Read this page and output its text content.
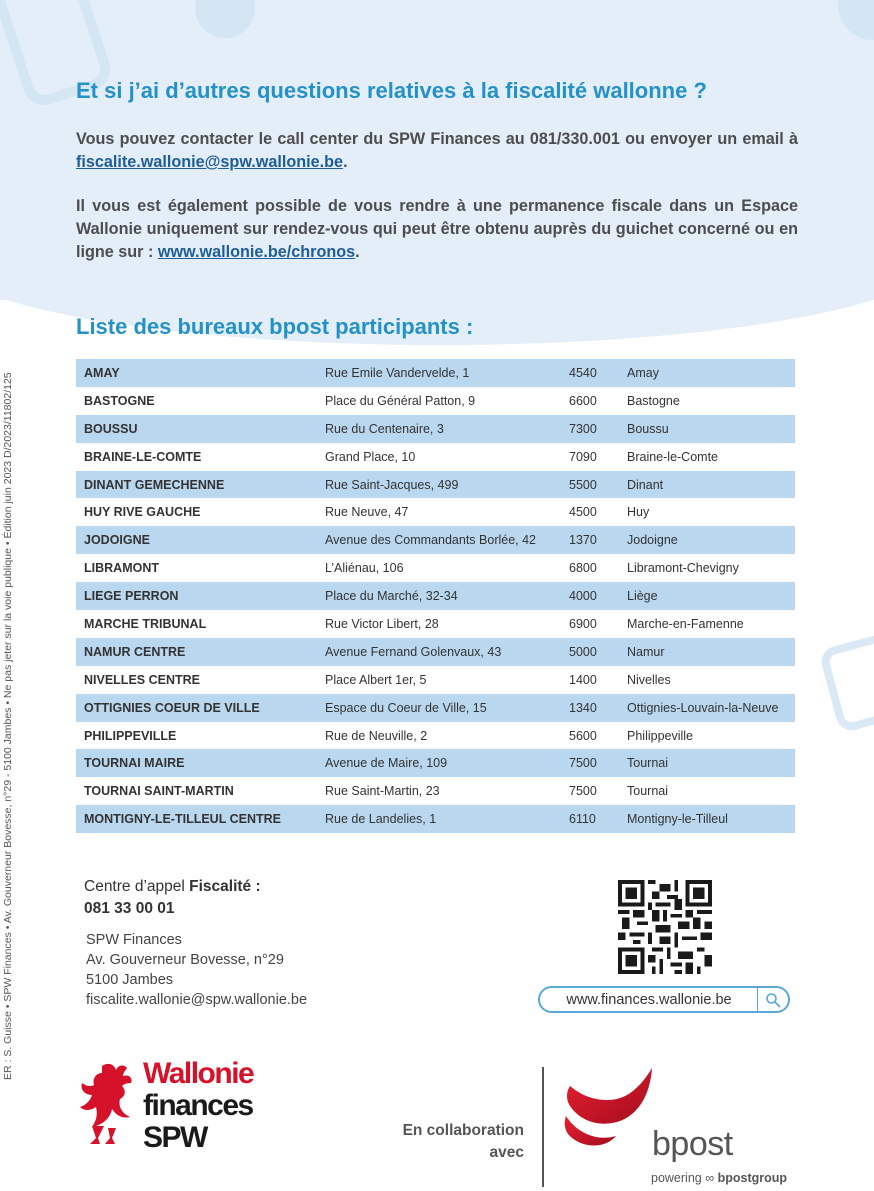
ER : S. Guisse • SPW Finances • Av. Gouverneur Bovesse, n°29 - 5100 Jambes • Ne pas jeter sur la voie publique • Édition juin 2023 D/2023/11802/125
Et si j’ai d’autres questions relatives à la fiscalité wallonne ?

Vous pouvez contacter le call center du SPW Finances au 081/330.001 ou envoyer un email à fiscalite.wallonie@spw.wallonie.be.

Il vous est également possible de vous rendre à une permanence fiscale dans un Espace Wallonie uniquement sur rendez-vous qui peut être obtenu auprès du guichet concerné ou en ligne sur : www.wallonie.be/chronos.

Liste des bureaux bpost participants :
AMAY	Rue Emile Vandervelde, 1	4540	Amay
BASTOGNE	Place du Général Patton, 9	6600	Bastogne
BOUSSU	Rue du Centenaire, 3	7300	Boussu
BRAINE-LE-COMTE	Grand Place, 10	7090	Braine-le-Comte
DINANT GEMECHENNE	Rue Saint-Jacques, 499	5500	Dinant
HUY RIVE GAUCHE	Rue Neuve, 47	4500	Huy
JODOIGNE	Avenue des Commandants Borlée, 42	1370	Jodoigne
LIBRAMONT	L’Aliénau, 106	6800	Libramont-Chevigny
LIEGE PERRON	Place du Marché, 32-34	4000	Liège
MARCHE TRIBUNAL	Rue Victor Libert, 28	6900	Marche-en-Famenne
NAMUR CENTRE	Avenue Fernand Golenvaux, 43	5000	Namur
NIVELLES CENTRE	Place Albert 1er, 5	1400	Nivelles
OTTIGNIES COEUR DE VILLE	Espace du Coeur de Ville, 15	1340	Ottignies-Louvain-la-Neuve
PHILIPPEVILLE	Rue de Neuville, 2	5600	Philippeville
TOURNAI MAIRE	Avenue de Maire, 109	7500	Tournai
TOURNAI SAINT-MARTIN	Rue Saint-Martin, 23	7500	Tournai
MONTIGNY-LE-TILLEUL CENTRE	Rue de Landelies, 1	6110	Montigny-le-Tilleul
Centre d’appel Fiscalité :
081 33 00 01
SPW Finances
Av. Gouverneur Bovesse, n°29
5100 Jambes
fiscalite.wallonie@spw.wallonie.be	www.finances.wallonie.be
Wallonie
finances
SPW	En collaboration
avec	bpost
powering ∞ bpostgroup
